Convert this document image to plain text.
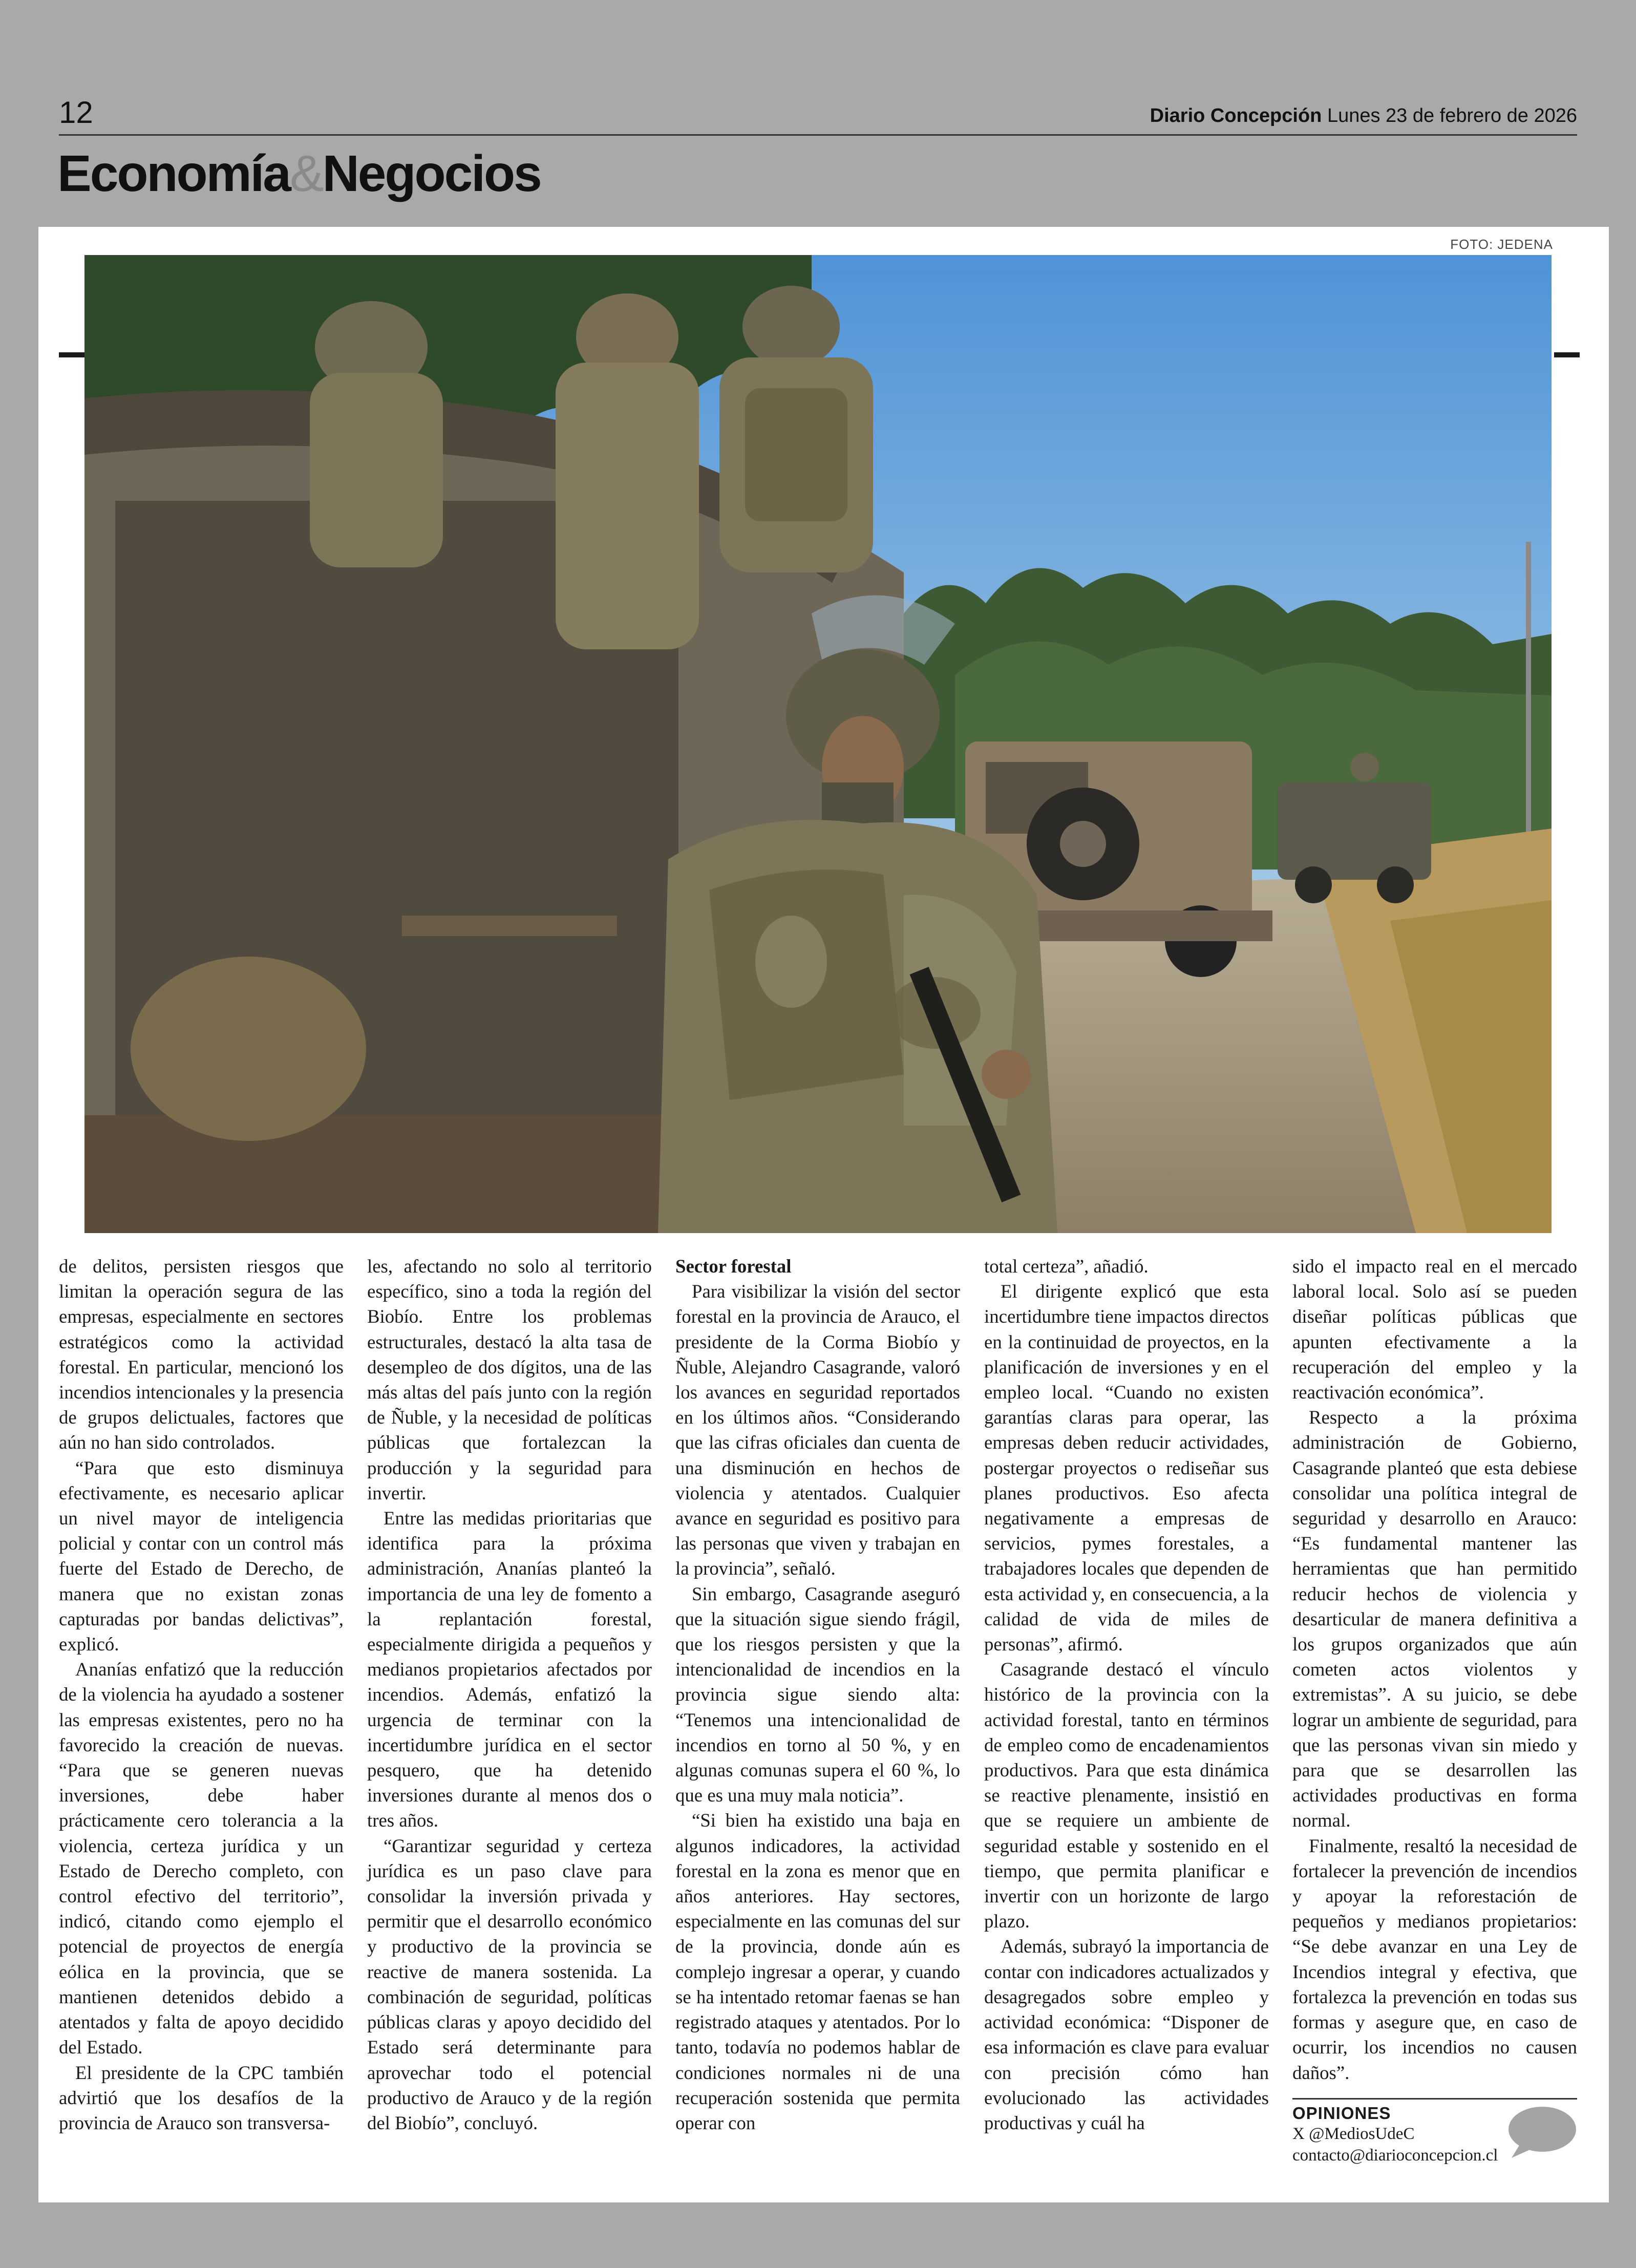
12	Diario Concepción Lunes 23 de febrero de 2026
Economía&Negocios
FOTO: JEDENA

de delitos, persisten riesgos que limitan la operación segura de las empresas, especialmente en sectores estratégicos como la actividad forestal. En particular, mencionó los incendios intencionales y la presencia de grupos delictuales, factores que aún no han sido controlados.

“Para que esto disminuya efectivamente, es necesario aplicar un nivel mayor de inteligencia policial y contar con un control más fuerte del Estado de Derecho, de manera que no existan zonas capturadas por bandas delictivas”, explicó.

Ananías enfatizó que la reducción de la violencia ha ayudado a sostener las empresas existentes, pero no ha favorecido la creación de nuevas. “Para que se generen nuevas inversiones, debe haber prácticamente cero tolerancia a la violencia, certeza jurídica y un Estado de Derecho completo, con control efectivo del territorio”, indicó, citando como ejemplo el potencial de proyectos de energía eólica en la provincia, que se mantienen detenidos debido a atentados y falta de apoyo decidido del Estado.

El presidente de la CPC también advirtió que los desafíos de la provincia de Arauco son transversa-

les, afectando no solo al territorio específico, sino a toda la región del Biobío. Entre los problemas estructurales, destacó la alta tasa de desempleo de dos dígitos, una de las más altas del país junto con la región de Ñuble, y la necesidad de políticas públicas que fortalezcan la producción y la seguridad para invertir.

Entre las medidas prioritarias que identifica para la próxima administración, Ananías planteó la importancia de una ley de fomento a la replantación forestal, especialmente dirigida a pequeños y medianos propietarios afectados por incendios. Además, enfatizó la urgencia de terminar con la incertidumbre jurídica en el sector pesquero, que ha detenido inversiones durante al menos dos o tres años.

“Garantizar seguridad y certeza jurídica es un paso clave para consolidar la inversión privada y permitir que el desarrollo económico y productivo de la provincia se reactive de manera sostenida. La combinación de seguridad, políticas públicas claras y apoyo decidido del Estado será determinante para aprovechar todo el potencial productivo de Arauco y de la región del Biobío”, concluyó.

Sector forestal

Para visibilizar la visión del sector forestal en la provincia de Arauco, el presidente de la Corma Biobío y Ñuble, Alejandro Casagrande, valoró los avances en seguridad reportados en los últimos años. “Considerando que las cifras oficiales dan cuenta de una disminución en hechos de violencia y atentados. Cualquier avance en seguridad es positivo para las personas que viven y trabajan en la provincia”, señaló.

Sin embargo, Casagrande aseguró que la situación sigue siendo frágil, que los riesgos persisten y que la intencionalidad de incendios en la provincia sigue siendo alta: “Tenemos una intencionalidad de incendios en torno al 50 %, y en algunas comunas supera el 60 %, lo que es una muy mala noticia”.

“Si bien ha existido una baja en algunos indicadores, la actividad forestal en la zona es menor que en años anteriores. Hay sectores, especialmente en las comunas del sur de la provincia, donde aún es complejo ingresar a operar, y cuando se ha intentado retomar faenas se han registrado ataques y atentados. Por lo tanto, todavía no podemos hablar de condiciones normales ni de una recuperación sostenida que permita operar con

total certeza”, añadió.

El dirigente explicó que esta incertidumbre tiene impactos directos en la continuidad de proyectos, en la planificación de inversiones y en el empleo local. “Cuando no existen garantías claras para operar, las empresas deben reducir actividades, postergar proyectos o rediseñar sus planes productivos. Eso afecta negativamente a empresas de servicios, pymes forestales, a trabajadores locales que dependen de esta actividad y, en consecuencia, a la calidad de vida de miles de personas”, afirmó.

Casagrande destacó el vínculo histórico de la provincia con la actividad forestal, tanto en términos de empleo como de encadenamientos productivos. Para que esta dinámica se reactive plenamente, insistió en que se requiere un ambiente de seguridad estable y sostenido en el tiempo, que permita planificar e invertir con un horizonte de largo plazo.

Además, subrayó la importancia de contar con indicadores actualizados y desagregados sobre empleo y actividad económica: “Disponer de esa información es clave para evaluar con precisión cómo han evolucionado las actividades productivas y cuál ha

sido el impacto real en el mercado laboral local. Solo así se pueden diseñar políticas públicas que apunten efectivamente a la recuperación del empleo y la reactivación económica”.

Respecto a la próxima administración de Gobierno, Casagrande planteó que esta debiese consolidar una política integral de seguridad y desarrollo en Arauco: “Es fundamental mantener las herramientas que han permitido reducir hechos de violencia y desarticular de manera definitiva a los grupos organizados que aún cometen actos violentos y extremistas”. A su juicio, se debe lograr un ambiente de seguridad, para que las personas vivan sin miedo y para que se desarrollen las actividades productivas en forma normal.

Finalmente, resaltó la necesidad de fortalecer la prevención de incendios y apoyar la reforestación de pequeños y medianos propietarios: “Se debe avanzar en una Ley de Incendios integral y efectiva, que fortalezca la prevención en todas sus formas y asegure que, en caso de ocurrir, los incendios no causen daños”.

OPINIONES
X @MediosUdeC
contacto@diarioconcepcion.cl
